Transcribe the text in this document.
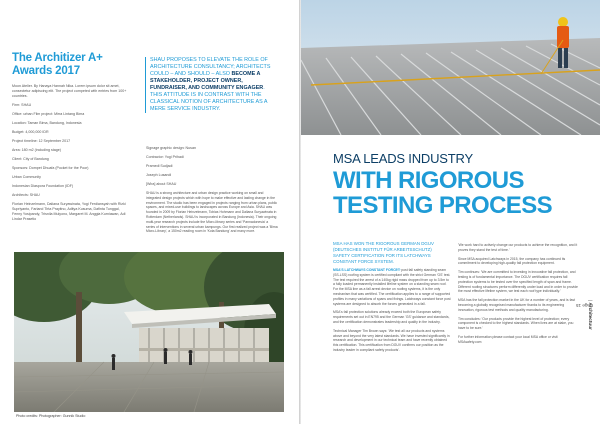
The Architizer A+ Awards 2017
Moon Atelier. By Hanaya Hannah Nika. Lorem ipsum dolor sit amet, consectetur adipiscing elit. The project competed with entries from 100+ countries.
Firm: SHAU
Office: urban Film project: Mirra Lintang Bima
Location: Taman Bima, Bandung, Indonesia
Budget: 4,000,000 IDR
Project timeline: 12 September 2017
Area: 180 m2 (including stage)
Client: City of Bandung
Sponsors: Dompet Dhuafa (Pocket for the Poor)
Urban Community
Indonesian Diaspora Foundation (IDF)
Architects: SHAU
Florian Heinzelmann, Daliana Suryawinata, Yogi Ferdiansyah with Rizki Supriyanto, Farland Tirta Prayitno, Aditya Kusuma, Dafinta Tunggal, Fenny Yosipandy, Trisnila Mulyono, Margaret M. Anggia Kurniawan, Adi Lindar Prasetio
SHAU PROPOSES TO ELEVATE THE ROLE OF ARCHITECTURE CONSULTANCY; ARCHITECTS COULD – AND SHOULD – ALSO BECOME A STAKEHOLDER, PROJECT OWNER, FUNDRAISER, AND COMMUNITY ENGAGER. THIS ATTITUDE IS IN CONTRAST WITH THE CLASSICAL NOTION OF ARCHITECTURE AS A MERE SERVICE INDUSTRY.
Signage graphic design: Nusan
Contractor: Yogi Prihadi
Pramedi Sudjadi
Joseph Lusandi
[Wira] about SHAU
SHAU is a strong architecture and urban design practice working on small and integrated design projects which with hope to make effective and lasting change in the environment. The studio has been engaged in projects ranging from urban plans, public spaces, and mixed-use buildings to landscapes across Europe and Asia. SHAU was founded in 2009 by Florian Heinzelmann, Tobias Hohmann and Daliana Suryawinata in Rotterdam (Netherlands). SHAU is incorporated in Bandung (Indonesia). Their ongoing multi-year research projects include the Micro-library series and 'Pannadonesia' a series of interventions in several urban kampungs. Our first realized project was a 'Bima Micro-Library', a 150m2 reading room in 'Kota Bandung' and many more.
Photo credits: Photographer: Gunnik Studio
MSA LEADS INDUSTRY
WITH RIGOROUS TESTING PROCESS
MSA HAS WON THE RIGOROUS GERMAN DGUV (DEUTSCHES INSTITUT FÜR ARBEITSSCHUTZ) SAFETY CERTIFICATION FOR ITS LATCHWAYS CONSTANT FORCE SYSTEM.

MSA'S LATCHWAYS CONSTANT FORCE® post fall safety standing seam (SS-LSS) roofing system is certified compliant with the strict German 'GS' test. The test required the arrest of a 140kg rigid mass dropped from up to 3.5m to a fully loaded permanently installed lifeline system on a standing seam roof. For the MSA line as a fall arrest device on roofing systems, it is the only mechanism that was certified. The certification applies to a range of supported profiles in many variations of spans and fixings. Latchways constant force post systems are designed to absorb the forces generated in a fall.

MSA's fall protection solutions already exceed both the European safety requirements set out in EN795 and the German 'GS' guidance and standards, and the certification demonstrates leadership and quality in the industry.

Technical Manager Tim Brown says: 'We test all our products and systems above and beyond the very latest standards. We have invested significantly in research and development in our technical team and have recently obtained this certification. This certification from DGUV confirms our position as the industry leader in compliant safety products'.

'We work hard to actively change our products to achieve the recognition, and it proves they stand the test of time.'

Since MSA acquired Latchways in 2015, the company has continued its commitment to developing high-quality fall protection equipment.

Tim continues: 'We are committed to investing in innovative fall protection, and testing is of fundamental importance. The DGUV certification requires fall protection systems to be tested over the specified length of span and frame. Different roofing structures perform differently under load and in order to provide the most effective lifeline system, we test each roof type individually.'

MSA has the fall protection market in the UK for a number of years, and is fast becoming a globally recognised manufacturer thanks to its engineering innovation, rigorous test methods and quality manufacturing.

Tim concludes: 'Our products provide the highest level of protection; every component is checked to the highest standards. When lives are at stake, you have to be sure.'

For further information please contact your local MSA office or visit MSAsafety.com

Page 15
| Architectuur
